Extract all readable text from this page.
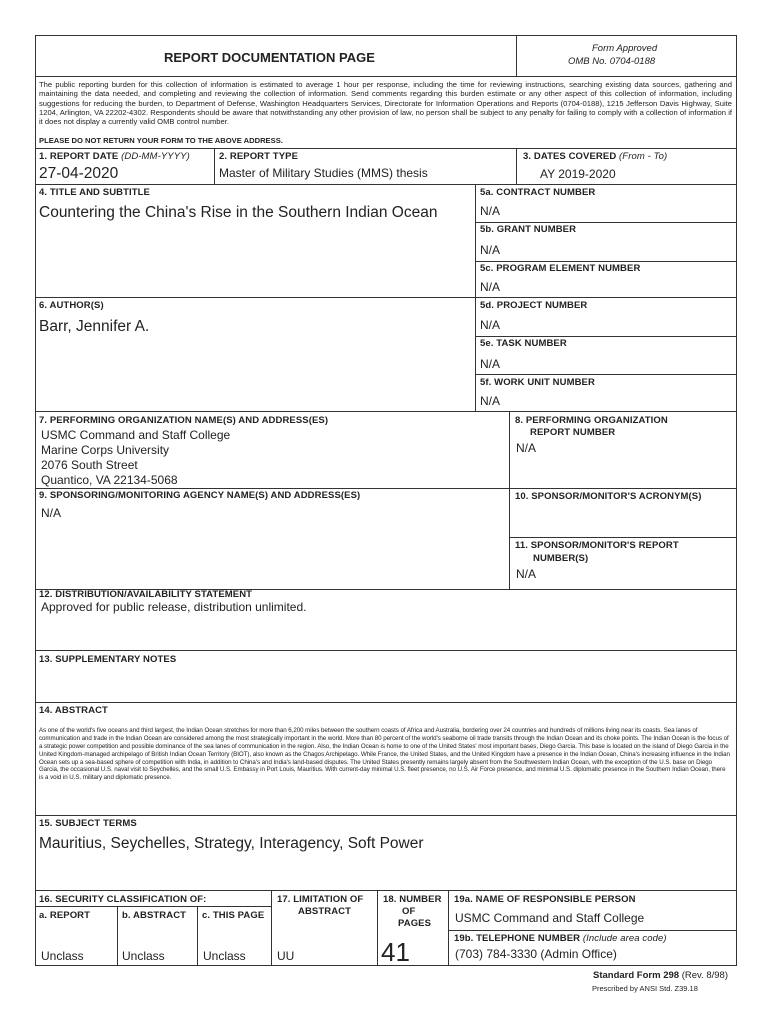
REPORT DOCUMENTATION PAGE
Form Approved
OMB No. 0704-0188
The public reporting burden for this collection of information is estimated to average 1 hour per response, including the time for reviewing instructions, searching existing data sources, gathering and maintaining the data needed, and completing and reviewing the collection of information. Send comments regarding this burden estimate or any other aspect of this collection of information, including suggestions for reducing the burden, to Department of Defense, Washington Headquarters Services, Directorate for Information Operations and Reports (0704-0188), 1215 Jefferson Davis Highway, Suite 1204, Arlington, VA 22202-4302. Respondents should be aware that notwithstanding any other provision of law, no person shall be subject to any penalty for failing to comply with a collection of information if it does not display a currently valid OMB control number.
PLEASE DO NOT RETURN YOUR FORM TO THE ABOVE ADDRESS.
1. REPORT DATE (DD-MM-YYYY)
27-04-2020
2. REPORT TYPE
Master of Military Studies (MMS) thesis
3. DATES COVERED (From - To)
AY 2019-2020
4. TITLE AND SUBTITLE
Countering the China's Rise in the Southern Indian Ocean
5a. CONTRACT NUMBER
N/A
5b. GRANT NUMBER
N/A
5c. PROGRAM ELEMENT NUMBER
N/A
6. AUTHOR(S)
Barr, Jennifer A.
5d. PROJECT NUMBER
N/A
5e. TASK NUMBER
N/A
5f. WORK UNIT NUMBER
N/A
7. PERFORMING ORGANIZATION NAME(S) AND ADDRESS(ES)
USMC Command and Staff College
Marine Corps University
2076 South Street
Quantico, VA 22134-5068
8. PERFORMING ORGANIZATION
REPORT NUMBER
N/A
9. SPONSORING/MONITORING AGENCY NAME(S) AND ADDRESS(ES)
N/A
10. SPONSOR/MONITOR'S ACRONYM(S)
11. SPONSOR/MONITOR'S REPORT
NUMBER(S)
N/A
12. DISTRIBUTION/AVAILABILITY STATEMENT
Approved for public release, distribution unlimited.
13. SUPPLEMENTARY NOTES
14. ABSTRACT
As one of the world's five oceans and third largest, the Indian Ocean stretches for more than 6,200 miles between the southern coasts of Africa and Australia, bordering over 24 countries and hundreds of millions living near its coasts. Sea lanes of communication and trade in the Indian Ocean are considered among the most strategically important in the world. More than 80 percent of the world's seaborne oil trade transits through the Indian Ocean and its choke points. The Indian Ocean is the focus of a strategic power competition and possible dominance of the sea lanes of communication in the region. Also, the Indian Ocean is home to one of the United States' most important bases, Diego Garcia. This base is located on the island of Diego Garcia in the United Kingdom-managed archipelago of British Indian Ocean Territory (BIOT), also known as the Chagos Archipelago. While France, the United States, and the United Kingdom have a presence in the Indian Ocean, China's increasing influence in the Indian Ocean sets up a sea-based sphere of competition with India, in addition to China's and India's land-based disputes. The United States presently remains largely absent from the Southwestern Indian Ocean, with the exception of the U.S. base on Diego Garcia, the occasional U.S. naval visit to Seychelles, and the small U.S. Embassy in Port Louis, Mauritius. With current-day minimal U.S. fleet presence, no U.S. Air Force presence, and minimal U.S. diplomatic presence in the Southern Indian Ocean, there is a void in U.S. military and diplomatic presence.
15. SUBJECT TERMS
Mauritius, Seychelles, Strategy, Interagency, Soft Power
16. SECURITY CLASSIFICATION OF:
a. REPORT	b. ABSTRACT c. THIS PAGE
Unclass	Unclass	Unclass
17. LIMITATION OF
ABSTRACT
UU
18. NUMBER
OF
PAGES
41
19a. NAME OF RESPONSIBLE PERSON
USMC Command and Staff College
19b. TELEPHONE NUMBER (Include area code)
(703) 784-3330 (Admin Office)
Standard Form 298 (Rev. 8/98)
Prescribed by ANSI Std. Z39.18
